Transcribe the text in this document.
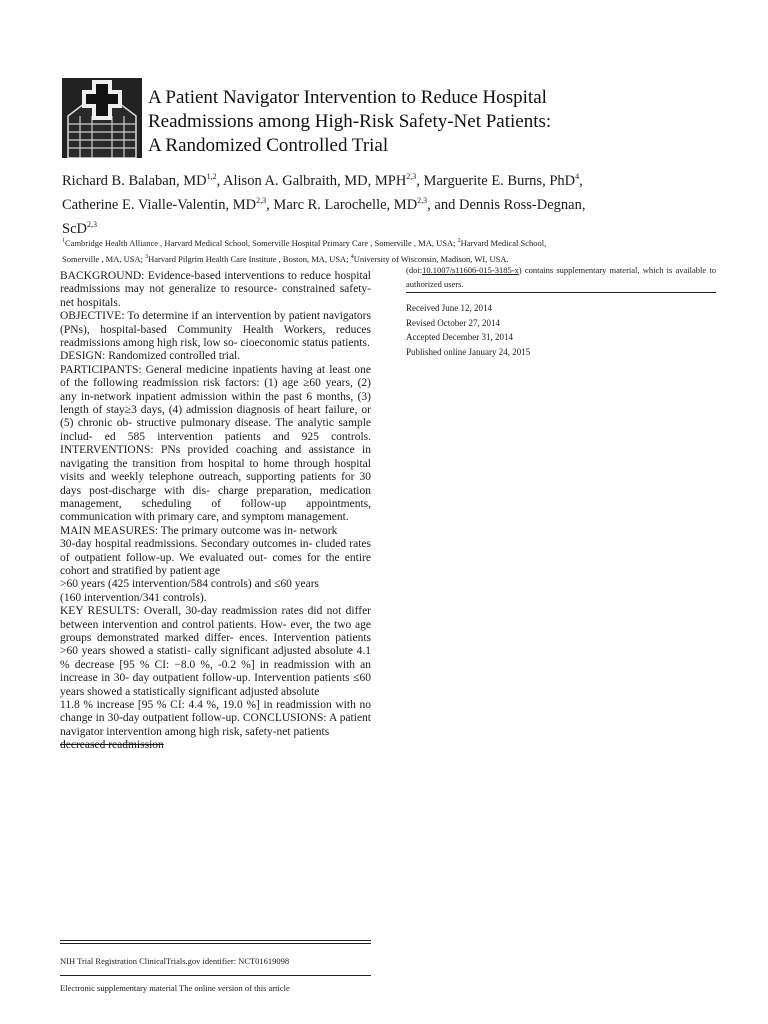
A Patient Navigator Intervention to Reduce Hospital
Readmissions among High-Risk Safety-Net Patients:
A Randomized Controlled Trial
Richard B. Balaban, MD$^{1,2}$, Alison A. Galbraith, MD, MPH$^{2,3}$, Marguerite E. Burns, PhD$^4$,
Catherine E. Vialle-Valentin, MD$^{2,3}$, Marc R. Larochelle, MD$^{2,3}$, and Dennis Ross-Degnan,
ScD$^{2,3}$
$^1$Cambridge Health Alliance , Harvard Medical School, Somerville Hospital Primary Care , Somerville , MA, USA; $^2$Harvard Medical School,
Somerville , MA, USA; $^3$Harvard Pilgrim Health Care Institute , Boston, MA, USA; $^4$University of Wisconsin, Madison, WI, USA.

BACKGROUND: Evidence-based interventions to reduce hospital readmissions may not generalize to resource- constrained safety-net hospitals.

OBJECTIVE: To determine if an intervention by patient navigators (PNs), hospital-based Community Health Workers, reduces readmissions among high risk, low so- cioeconomic status patients.

DESIGN: Randomized controlled trial.

PARTICIPANTS: General medicine inpatients having at least one of the following readmission risk factors: (1) age ≥60 years, (2) any in-network inpatient admission within the past 6 months, (3) length of stay≥3 days, (4) admission diagnosis of heart failure, or (5) chronic ob- structive pulmonary disease. The analytic sample includ- ed 585 intervention patients and 925 controls. INTERVENTIONS: PNs provided coaching and assistance in navigating the transition from hospital to home through hospital visits and weekly telephone outreach, supporting patients for 30 days post-discharge with dis- charge preparation, medication management, scheduling of follow-up appointments, communication with primary care, and symptom management.

MAIN MEASURES: The primary outcome was in- network

30-day hospital readmissions. Secondary outcomes in- cluded rates of outpatient follow-up. We evaluated out- comes for the entire cohort and stratified by patient age

>60 years (425 intervention/584 controls) and ≤60 years

(160 intervention/341 controls).

KEY RESULTS: Overall, 30-day readmission rates did not differ between intervention and control patients. How- ever, the two age groups demonstrated marked differ- ences. Intervention patients >60 years showed a statisti- cally significant adjusted absolute 4.1 % decrease [95 % CI: −8.0 %, -0.2 %] in readmission with an increase in 30- day outpatient follow-up. Intervention patients ≤60 years showed a statistically significant adjusted absolute

11.8 % increase [95 % CI: 4.4 %, 19.0 %] in readmission with no change in 30-day outpatient follow-up. CONCLUSIONS: A patient navigator intervention among high risk, safety-net patients

decreased readmission

NIH Trial Registration ClinicalTrials.gov identifier: NCT01619098
Electronic supplementary material The online version of this article
(doi:10.1007/s11606-015-3185-x) contains supplementary material, which is available to authorized users.
Received June 12, 2014
Revised October 27, 2014
Accepted December 31, 2014
Published online January 24, 2015
